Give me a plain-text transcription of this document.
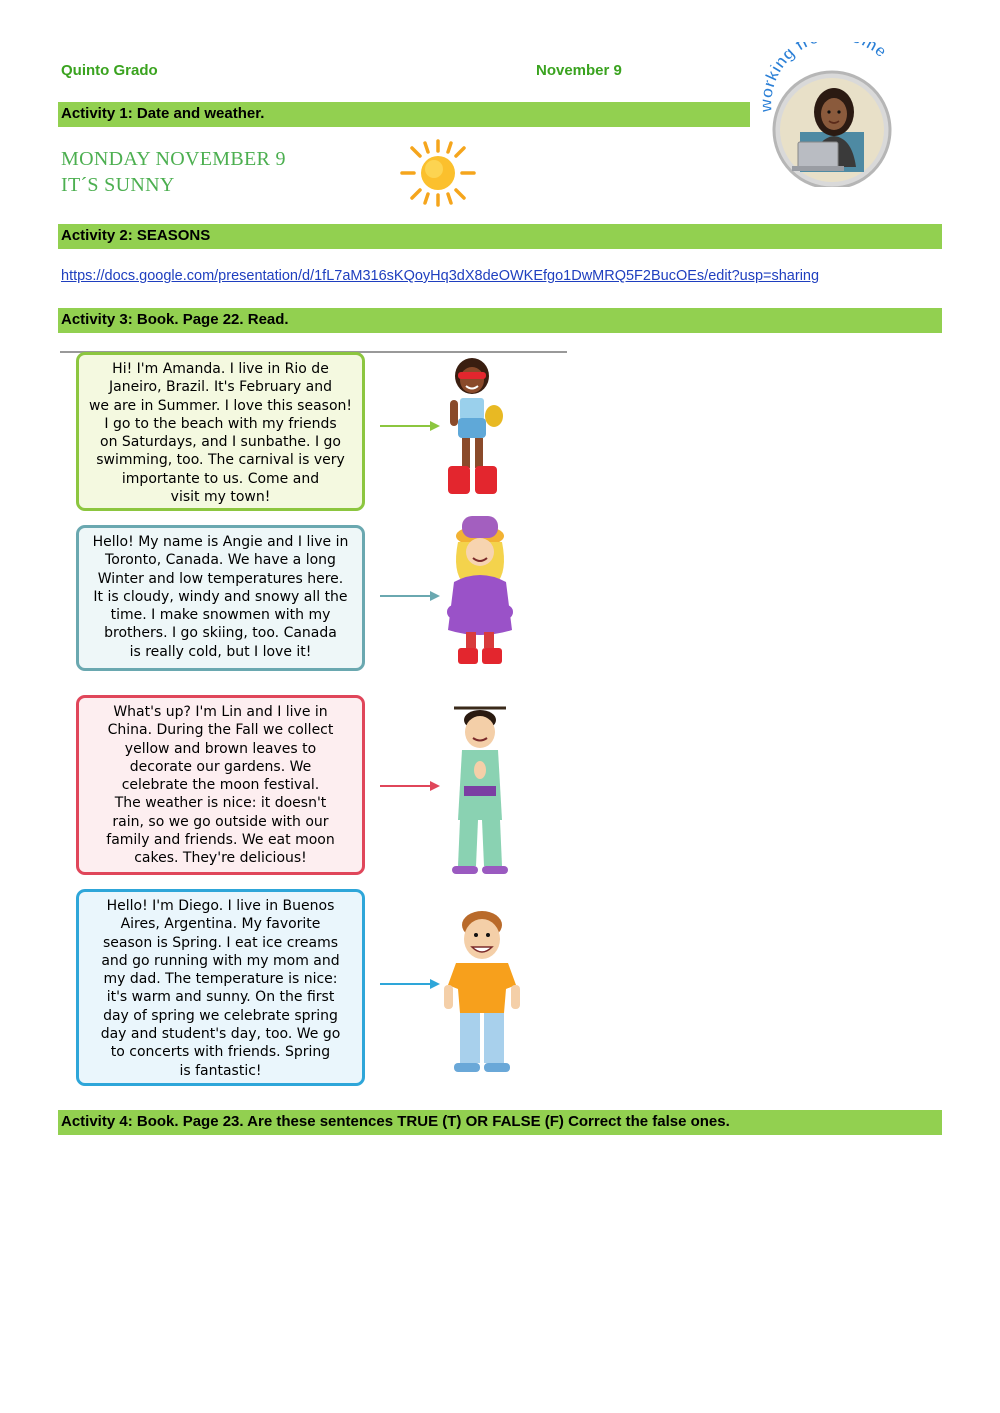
Quinto Grado	November 9
rking f me
Activity 1: Date and weather.
MONDAY NOVEMBER 9
IT´S SUNNY
Activity 2: SEASONS
https://docs.google.com/presentation/d/1fL7aM316sKQoyHq3dX8deOWKEfgo1DwMRQ5F2BucOEs/edit?usp=sharing
Activity 3: Book. Page 22. Read.
Hi! I'm Amanda. I live in Rio de
Janeiro, Brazil. It's February and
we are in Summer. I love this season!
I go to the beach with my friends
on Saturdays, and I sunbathe. I go
swimming, too. The carnival is very
importante to us. Come and
visit my town!
Hello! My name is Angie and I live in
Toronto, Canada. We have a long
Winter and low temperatures here.
It is cloudy, windy and snowy all the
time. I make snowmen with my
brothers. I go skiing, too. Canada
is really cold, but I love it!
What's up? I'm Lin and I live in
China. During the Fall we collect
yellow and brown leaves to
decorate our gardens. We
celebrate the moon festival.
The weather is nice: it doesn't
rain, so we go outside with our
family and friends. We eat moon
cakes. They're delicious!
Hello! I'm Diego. I live in Buenos
Aires, Argentina. My favorite
season is Spring. I eat ice creams
and go running with my mom and
my dad. The temperature is nice:
it's warm and sunny. On the first
day of spring we celebrate spring
day and student's day, too. We go
to concerts with friends. Spring
is fantastic!
Activity 4: Book. Page 23. Are these sentences TRUE (T) OR FALSE (F) Correct the false ones.
